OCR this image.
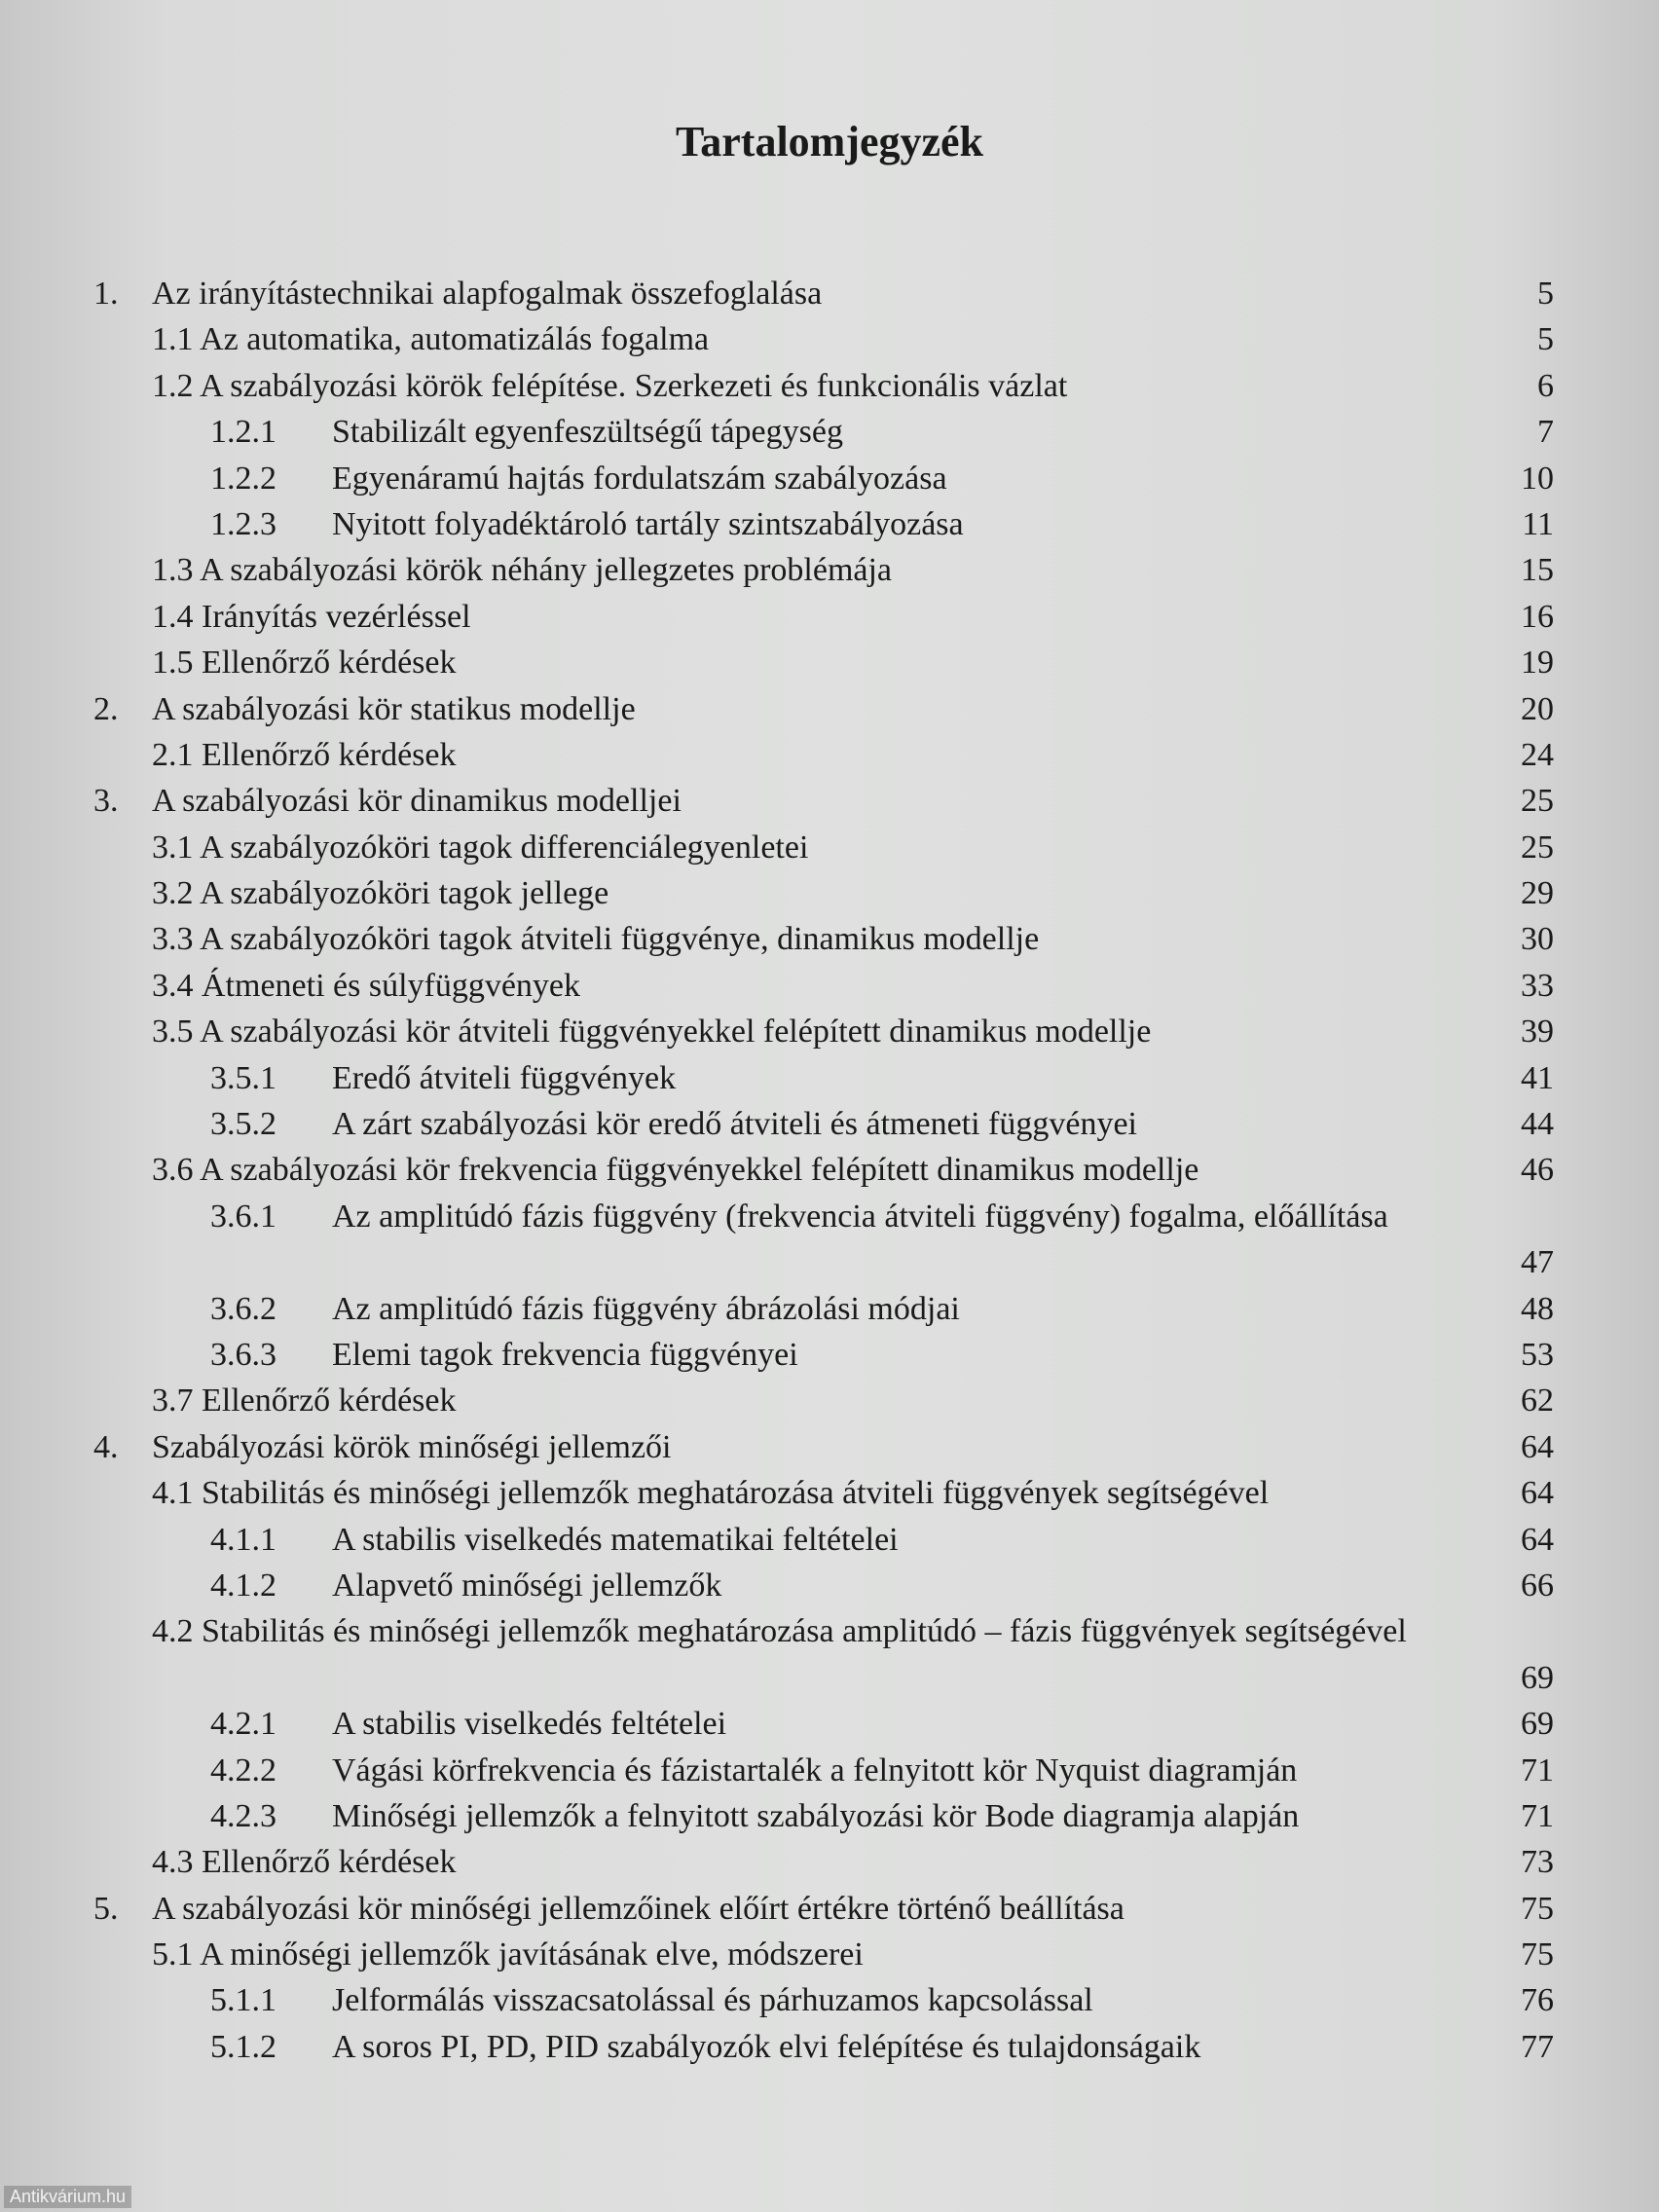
Tartalomjegyzék
1. Az irányítástechnikai alapfogalmak összefoglalása	5
1.1 Az automatika, automatizálás fogalma	5
1.2 A szabályozási körök felépítése. Szerkezeti és funkcionális vázlat	6
1.2.1 Stabilizált egyenfeszültségű tápegység	7
1.2.2 Egyenáramú hajtás fordulatszám szabályozása	10
1.2.3 Nyitott folyadéktároló tartály szintszabályozása	11
1.3 A szabályozási körök néhány jellegzetes problémája	15
1.4 Irányítás vezérléssel	16
1.5 Ellenőrző kérdések	19
2. A szabályozási kör statikus modellje	20
2.1 Ellenőrző kérdések	24
3. A szabályozási kör dinamikus modelljei	25
3.1 A szabályozóköri tagok differenciálegyenletei	25
3.2 A szabályozóköri tagok jellege	29
3.3 A szabályozóköri tagok átviteli függvénye, dinamikus modellje	30
3.4 Átmeneti és súlyfüggvények	33
3.5 A szabályozási kör átviteli függvényekkel felépített dinamikus modellje	39
3.5.1 Eredő átviteli függvények	41
3.5.2 A zárt szabályozási kör eredő átviteli és átmeneti függvényei	44
3.6 A szabályozási kör frekvencia függvényekkel felépített dinamikus modellje	46
3.6.1 Az amplitúdó fázis függvény (frekvencia átviteli függvény) fogalma, előállítása
47
3.6.2 Az amplitúdó fázis függvény ábrázolási módjai	48
3.6.3 Elemi tagok frekvencia függvényei	53
3.7 Ellenőrző kérdések	62
4. Szabályozási körök minőségi jellemzői	64
4.1 Stabilitás és minőségi jellemzők meghatározása átviteli függvények segítségével	64
4.1.1 A stabilis viselkedés matematikai feltételei	64
4.1.2 Alapvető minőségi jellemzők	66
4.2 Stabilitás és minőségi jellemzők meghatározása amplitúdó – fázis függvények segítségével
69
4.2.1 A stabilis viselkedés feltételei	69
4.2.2 Vágási körfrekvencia és fázistartalék a felnyitott kör Nyquist diagramján	71
4.2.3 Minőségi jellemzők a felnyitott szabályozási kör Bode diagramja alapján	71
4.3 Ellenőrző kérdések	73
5. A szabályozási kör minőségi jellemzőinek előírt értékre történő beállítása	75
5.1 A minőségi jellemzők javításának elve, módszerei	75
5.1.1 Jelformálás visszacsatolással és párhuzamos kapcsolással	76
5.1.2 A soros PI, PD, PID szabályozók elvi felépítése és tulajdonságaik	77
Antikvárium.hu
